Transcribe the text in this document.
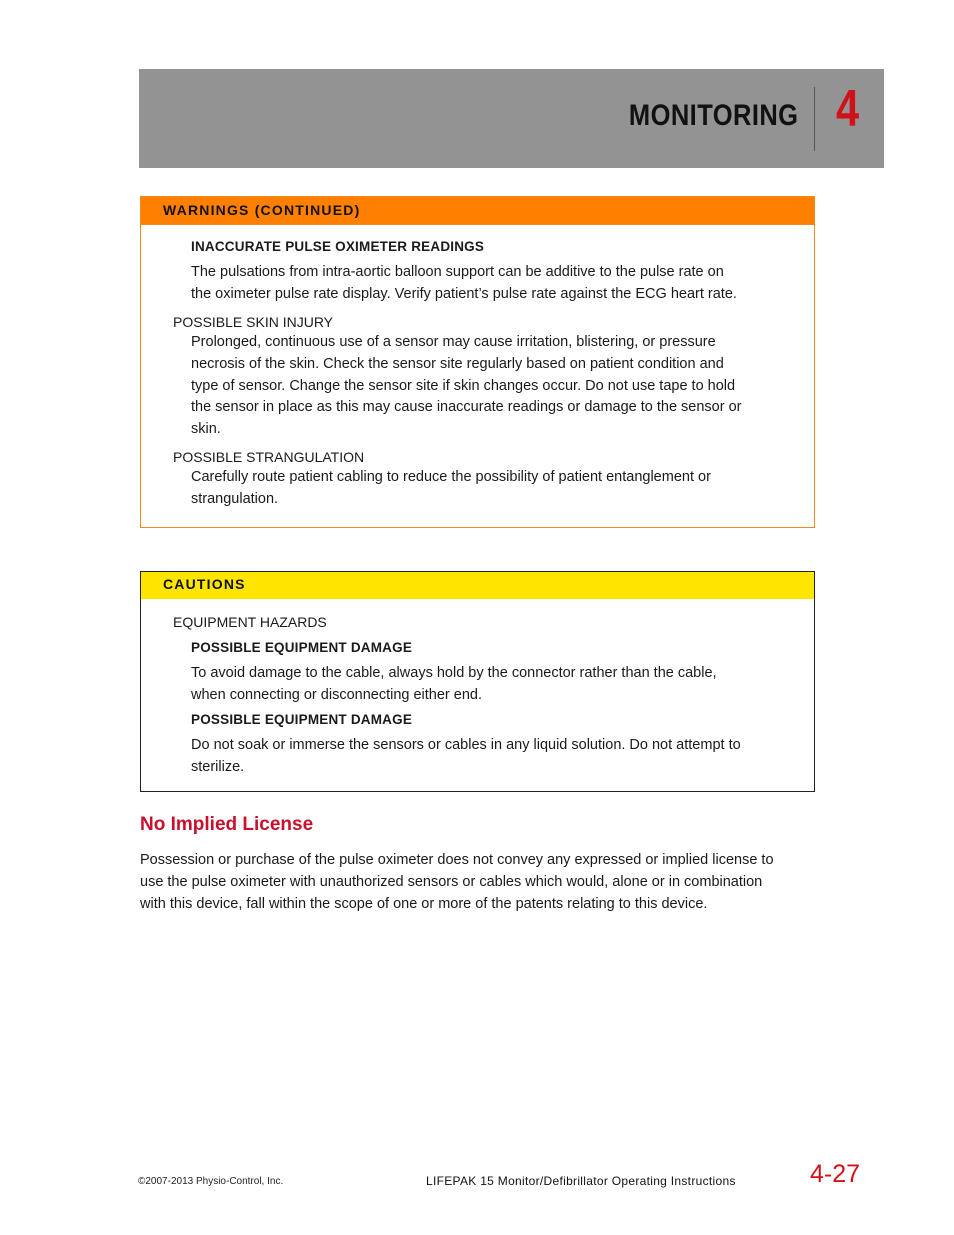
MONITORING 4
WARNINGS (CONTINUED)
INACCURATE PULSE OXIMETER READINGS
The pulsations from intra-aortic balloon support can be additive to the pulse rate on
the oximeter pulse rate display. Verify patient’s pulse rate against the ECG heart rate.
POSSIBLE SKIN INJURY
Prolonged, continuous use of a sensor may cause irritation, blistering, or pressure
necrosis of the skin. Check the sensor site regularly based on patient condition and
type of sensor. Change the sensor site if skin changes occur. Do not use tape to hold
the sensor in place as this may cause inaccurate readings or damage to the sensor or
skin.
POSSIBLE STRANGULATION
Carefully route patient cabling to reduce the possibility of patient entanglement or
strangulation.
CAUTIONS
EQUIPMENT HAZARDS
POSSIBLE EQUIPMENT DAMAGE
To avoid damage to the cable, always hold by the connector rather than the cable,
when connecting or disconnecting either end.
POSSIBLE EQUIPMENT DAMAGE
Do not soak or immerse the sensors or cables in any liquid solution. Do not attempt to
sterilize.
No Implied License
Possession or purchase of the pulse oximeter does not convey any expressed or implied license to
use the pulse oximeter with unauthorized sensors or cables which would, alone or in combination
with this device, fall within the scope of one or more of the patents relating to this device.
©2007-2013 Physio-Control, Inc.	LIFEPAK 15 Monitor/Defibrillator Operating Instructions	4-27
